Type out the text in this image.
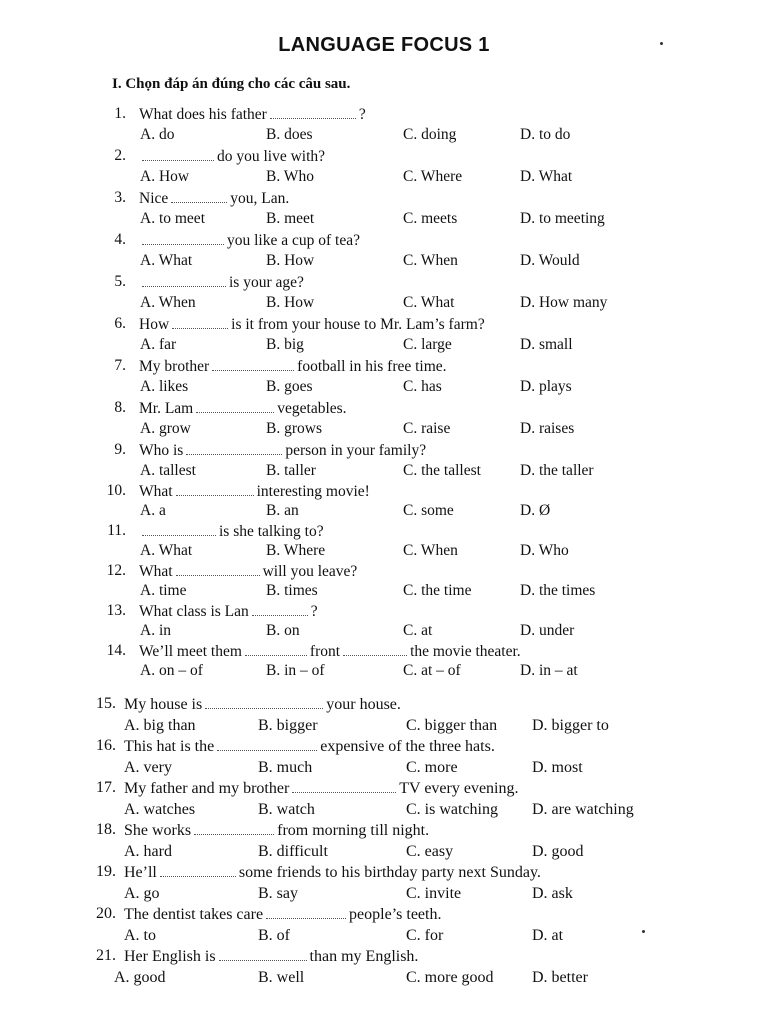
LANGUAGE FOCUS 1
I. Chọn đáp án đúng cho các câu sau.
1. What does his father	?
A. do	B. does	C. doing	D. to do
2.	do you live with?
A. How	B. Who	C. Where	D. What
3. Nice	you, Lan.
A. to meet	B. meet	C. meets	D. to meeting
4.	you like a cup of tea?
A. What	B. How	C. When	D. Would
5.	is your age?
A. When	B. How	C. What	D. How many
6. How	is it from your house to Mr. Lam’s farm?
A. far	B. big	C. large	D. small
7. My brother	football in his free time.
A. likes	B. goes	C. has	D. plays
8. Mr. Lam	vegetables.
A. grow	B. grows	C. raise	D. raises
9. Who is	person in your family?
A. tallest	B. taller	C. the tallest	D. the taller
10. What	interesting movie!
A. a	B. an	C. some	D. Ø
11.	is she talking to?
A. What	B. Where	C. When	D. Who
12. What	will you leave?
A. time	B. times	C. the time	D. the times
13. What class is Lan	?
A. in	B. on	C. at	D. under
14. We’ll meet them	front	the movie theater.
A. on – of	B. in – of	C. at – of	D. in – at
15. My house is	your house.
A. big than	B. bigger	C. bigger than D. bigger to
16. This hat is the	expensive of the three hats.
A. very	B. much	C. more	D. most
17. My father and my brother	TV every evening.
A. watches	B. watch	C. is watching D. are watching
18. She works	from morning till night.
A. hard	B. difficult	C. easy	D. good
19. He’ll	some friends to his birthday party next Sunday.
A. go	B. say	C. invite	D. ask
20. The dentist takes care	people’s teeth.
A. to	B. of	C. for	D. at
21. Her English is	than my English.
A. good	B. well	C. more good D. better
